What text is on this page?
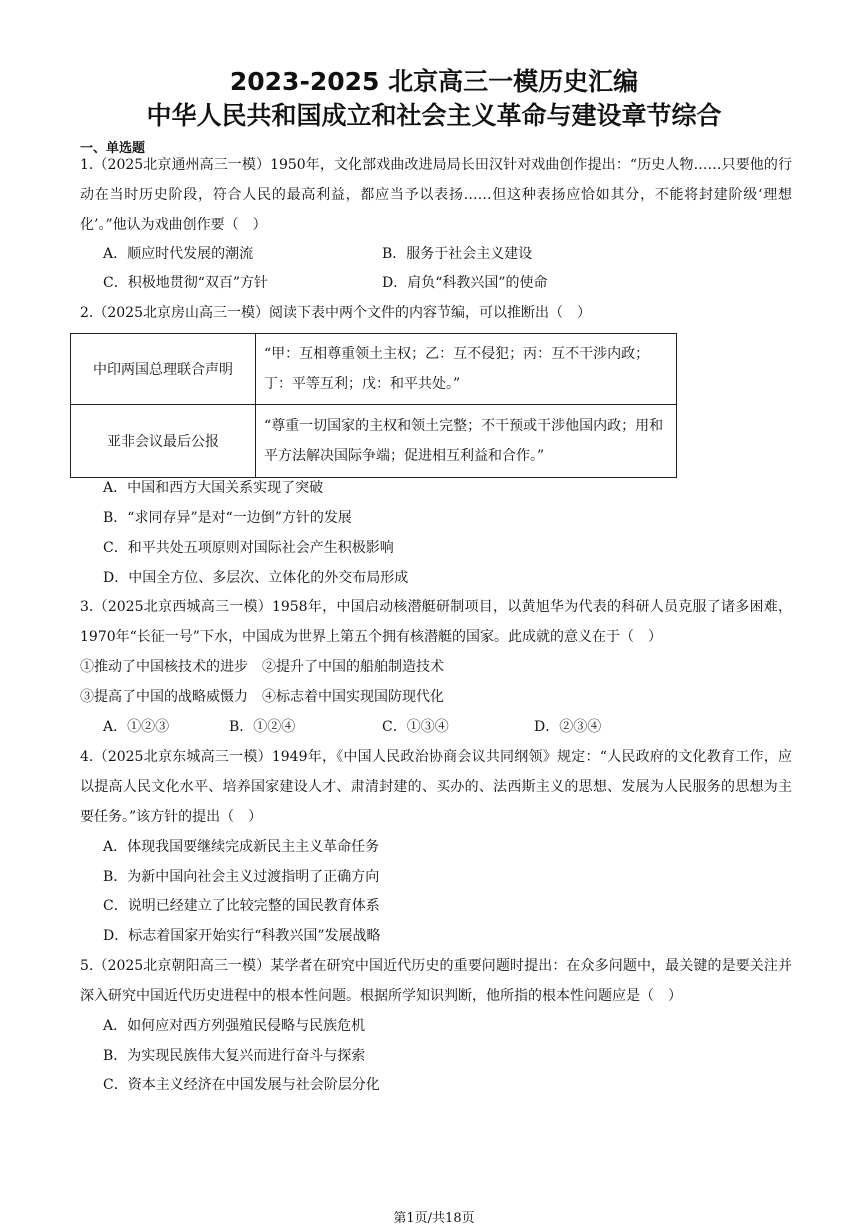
2023-2025 北京高三一模历史汇编
中华人民共和国成立和社会主义革命与建设章节综合
一、单选题
1.（2025北京通州高三一模）1950年，文化部戏曲改进局局长田汉针对戏曲创作提出：“历史人物……只要他的行动在当时历史阶段，符合人民的最高利益，都应当予以表扬……但这种表扬应恰如其分，不能将封建阶级‘理想化’。”他认为戏曲创作要（　）
A．顺应时代发展的潮流	B．服务于社会主义建设
C．积极地贯彻“双百”方针	D．肩负“科教兴国”的使命
2.（2025北京房山高三一模）阅读下表中两个文件的内容节编，可以推断出（　）
中印两国总理联合声明	“甲：互相尊重领土主权；乙：互不侵犯；丙：互不干涉内政；丁：平等互利；戊：和平共处。”
亚非会议最后公报	“尊重一切国家的主权和领土完整；不干预或干涉他国内政；用和平方法解决国际争端；促进相互利益和合作。”
A．中国和西方大国关系实现了突破
B．“求同存异”是对“一边倒”方针的发展
C．和平共处五项原则对国际社会产生积极影响
D．中国全方位、多层次、立体化的外交布局形成
3.（2025北京西城高三一模）1958年，中国启动核潜艇研制项目，以黄旭华为代表的科研人员克服了诸多困难，1970年“长征一号”下水，中国成为世界上第五个拥有核潜艇的国家。此成就的意义在于（　）
①推动了中国核技术的进步　②提升了中国的船舶制造技术
③提高了中国的战略威慑力　④标志着中国实现国防现代化
A．①②③	B．①②④	C．①③④	D．②③④
4.（2025北京东城高三一模）1949年，《中国人民政治协商会议共同纲领》规定：“人民政府的文化教育工作，应以提高人民文化水平、培养国家建设人才、肃清封建的、买办的、法西斯主义的思想、发展为人民服务的思想为主要任务。”该方针的提出（　）
A．体现我国要继续完成新民主主义革命任务
B．为新中国向社会主义过渡指明了正确方向
C．说明已经建立了比较完整的国民教育体系
D．标志着国家开始实行“科教兴国”发展战略
5.（2025北京朝阳高三一模）某学者在研究中国近代历史的重要问题时提出：在众多问题中，最关键的是要关注并深入研究中国近代历史进程中的根本性问题。根据所学知识判断，他所指的根本性问题应是（　）
A．如何应对西方列强殖民侵略与民族危机
B．为实现民族伟大复兴而进行奋斗与探索
C．资本主义经济在中国发展与社会阶层分化
第1页/共18页
